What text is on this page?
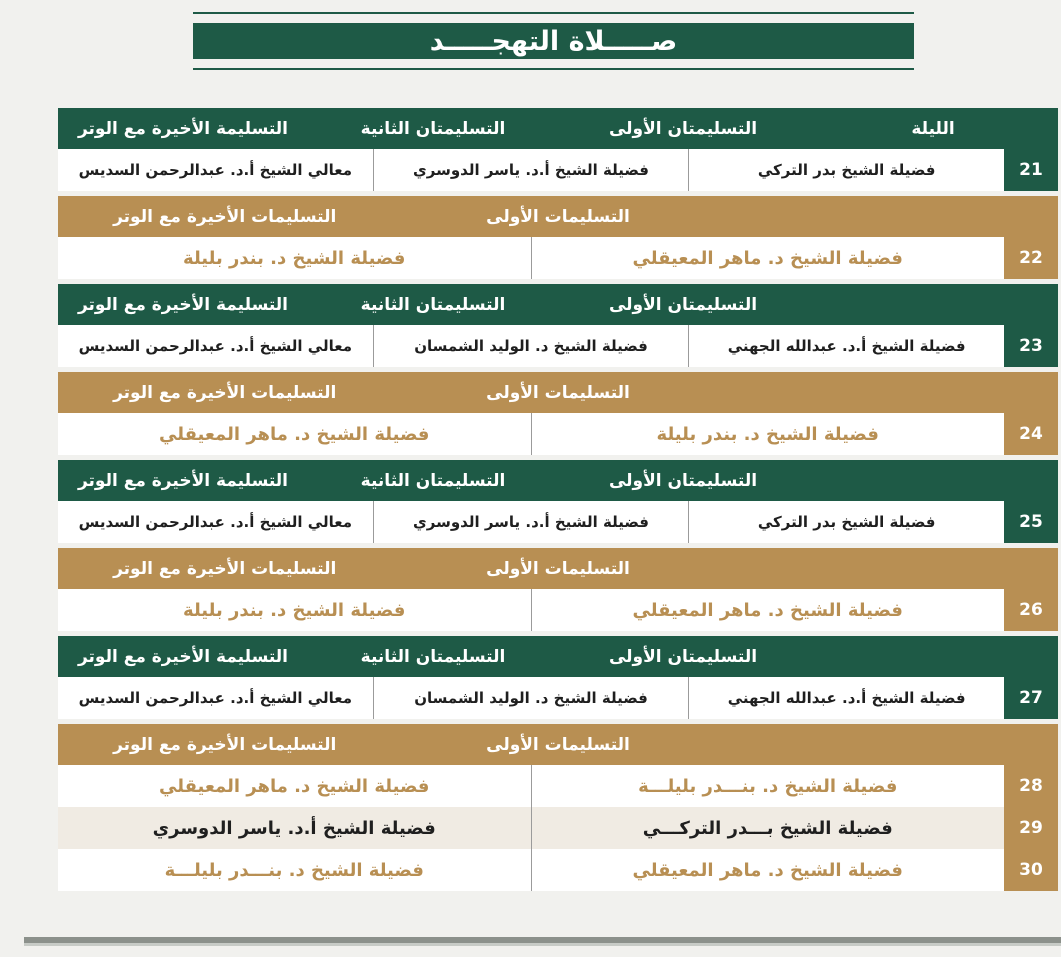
صـــــلاة التهجـــــد
الليلة
التسليمتان الأولى
التسليمتان الثانية
التسليمة الأخيرة مع الوتر
21
فضيلة الشيخ بدر التركي
فضيلة الشيخ أ.د. ياسر الدوسري
معالي الشيخ أ.د. عبدالرحمن السديس
التسليمات الأولى
التسليمات الأخيرة مع الوتر
22
فضيلة الشيخ د. ماهر المعيقلي
فضيلة الشيخ د. بندر بليلة
التسليمتان الأولى
التسليمتان الثانية
التسليمة الأخيرة مع الوتر
23
فضيلة الشيخ أ.د. عبدالله الجهني
فضيلة الشيخ د. الوليد الشمسان
معالي الشيخ أ.د. عبدالرحمن السديس
التسليمات الأولى
التسليمات الأخيرة مع الوتر
24
فضيلة الشيخ د. بندر بليلة
فضيلة الشيخ د. ماهر المعيقلي
التسليمتان الأولى
التسليمتان الثانية
التسليمة الأخيرة مع الوتر
25
فضيلة الشيخ بدر التركي
فضيلة الشيخ أ.د. ياسر الدوسري
معالي الشيخ أ.د. عبدالرحمن السديس
التسليمات الأولى
التسليمات الأخيرة مع الوتر
26
فضيلة الشيخ د. ماهر المعيقلي
فضيلة الشيخ د. بندر بليلة
التسليمتان الأولى
التسليمتان الثانية
التسليمة الأخيرة مع الوتر
27
فضيلة الشيخ أ.د. عبدالله الجهني
فضيلة الشيخ د. الوليد الشمسان
معالي الشيخ أ.د. عبدالرحمن السديس
التسليمات الأولى
التسليمات الأخيرة مع الوتر
28
فضيلة الشيخ د. بنـــدر بليلـــة
فضيلة الشيخ د. ماهر المعيقلي
29
فضيلة الشيخ بـــدر التركـــي
فضيلة الشيخ أ.د. ياسر الدوسري
30
فضيلة الشيخ د. ماهر المعيقلي
فضيلة الشيخ د. بنـــدر بليلـــة
